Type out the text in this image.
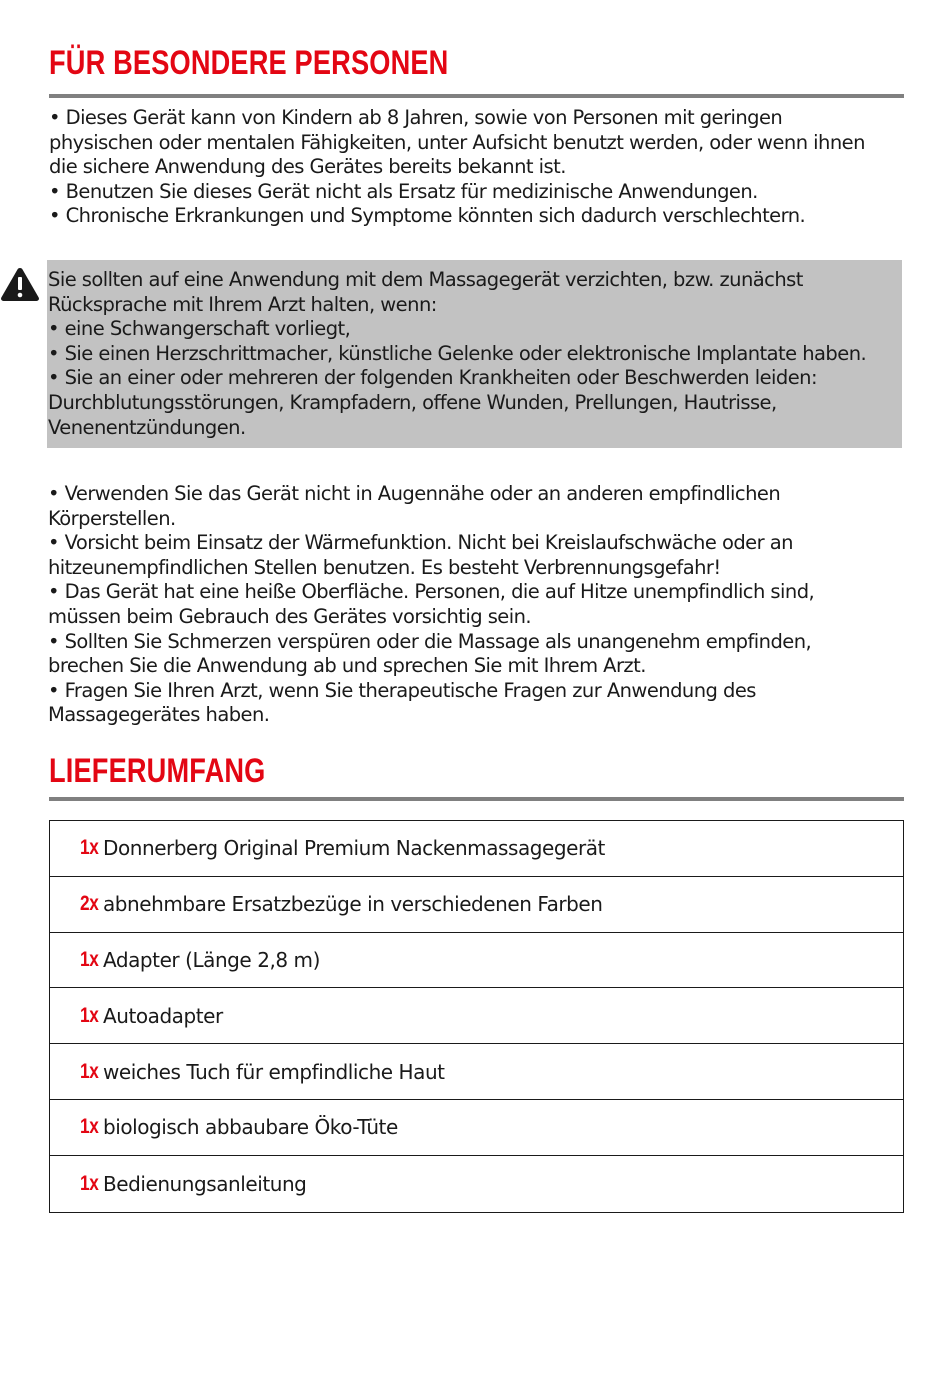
FÜR BESONDERE PERSONEN

• Dieses Gerät kann von Kindern ab 8 Jahren, sowie von Personen mit geringen
physischen oder mentalen Fähigkeiten, unter Aufsicht benutzt werden, oder wenn ihnen
die sichere Anwendung des Gerätes bereits bekannt ist.
• Benutzen Sie dieses Gerät nicht als Ersatz für medizinische Anwendungen.
• Chronische Erkrankungen und Symptome könnten sich dadurch verschlechtern.

Sie sollten auf eine Anwendung mit dem Massagegerät verzichten, bzw. zunächst
Rücksprache mit Ihrem Arzt halten, wenn:
• eine Schwangerschaft vorliegt,
• Sie einen Herzschrittmacher, künstliche Gelenke oder elektronische Implantate haben.
• Sie an einer oder mehreren der folgenden Krankheiten oder Beschwerden leiden:
Durchblutungsstörungen, Krampfadern, offene Wunden, Prellungen, Hautrisse,
Venenentzündungen.

• Verwenden Sie das Gerät nicht in Augennähe oder an anderen empfindlichen
Körperstellen.
• Vorsicht beim Einsatz der Wärmefunktion. Nicht bei Kreislaufschwäche oder an
hitzeunempfindlichen Stellen benutzen. Es besteht Verbrennungsgefahr!
• Das Gerät hat eine heiße Oberfläche. Personen, die auf Hitze unempfindlich sind,
müssen beim Gebrauch des Gerätes vorsichtig sein.
• Sollten Sie Schmerzen verspüren oder die Massage als unangenehm empfinden,
brechen Sie die Anwendung ab und sprechen Sie mit Ihrem Arzt.
• Fragen Sie Ihren Arzt, wenn Sie therapeutische Fragen zur Anwendung des
Massagegerätes haben.

LIEFERUMFANG
1x Donnerberg Original Premium Nackenmassagegerät
2x abnehmbare Ersatzbezüge in verschiedenen Farben
1x Adapter (Länge 2,8 m)
1x Autoadapter
1x weiches Tuch für empfindliche Haut
1x biologisch abbaubare Öko-Tüte
1x Bedienungsanleitung
